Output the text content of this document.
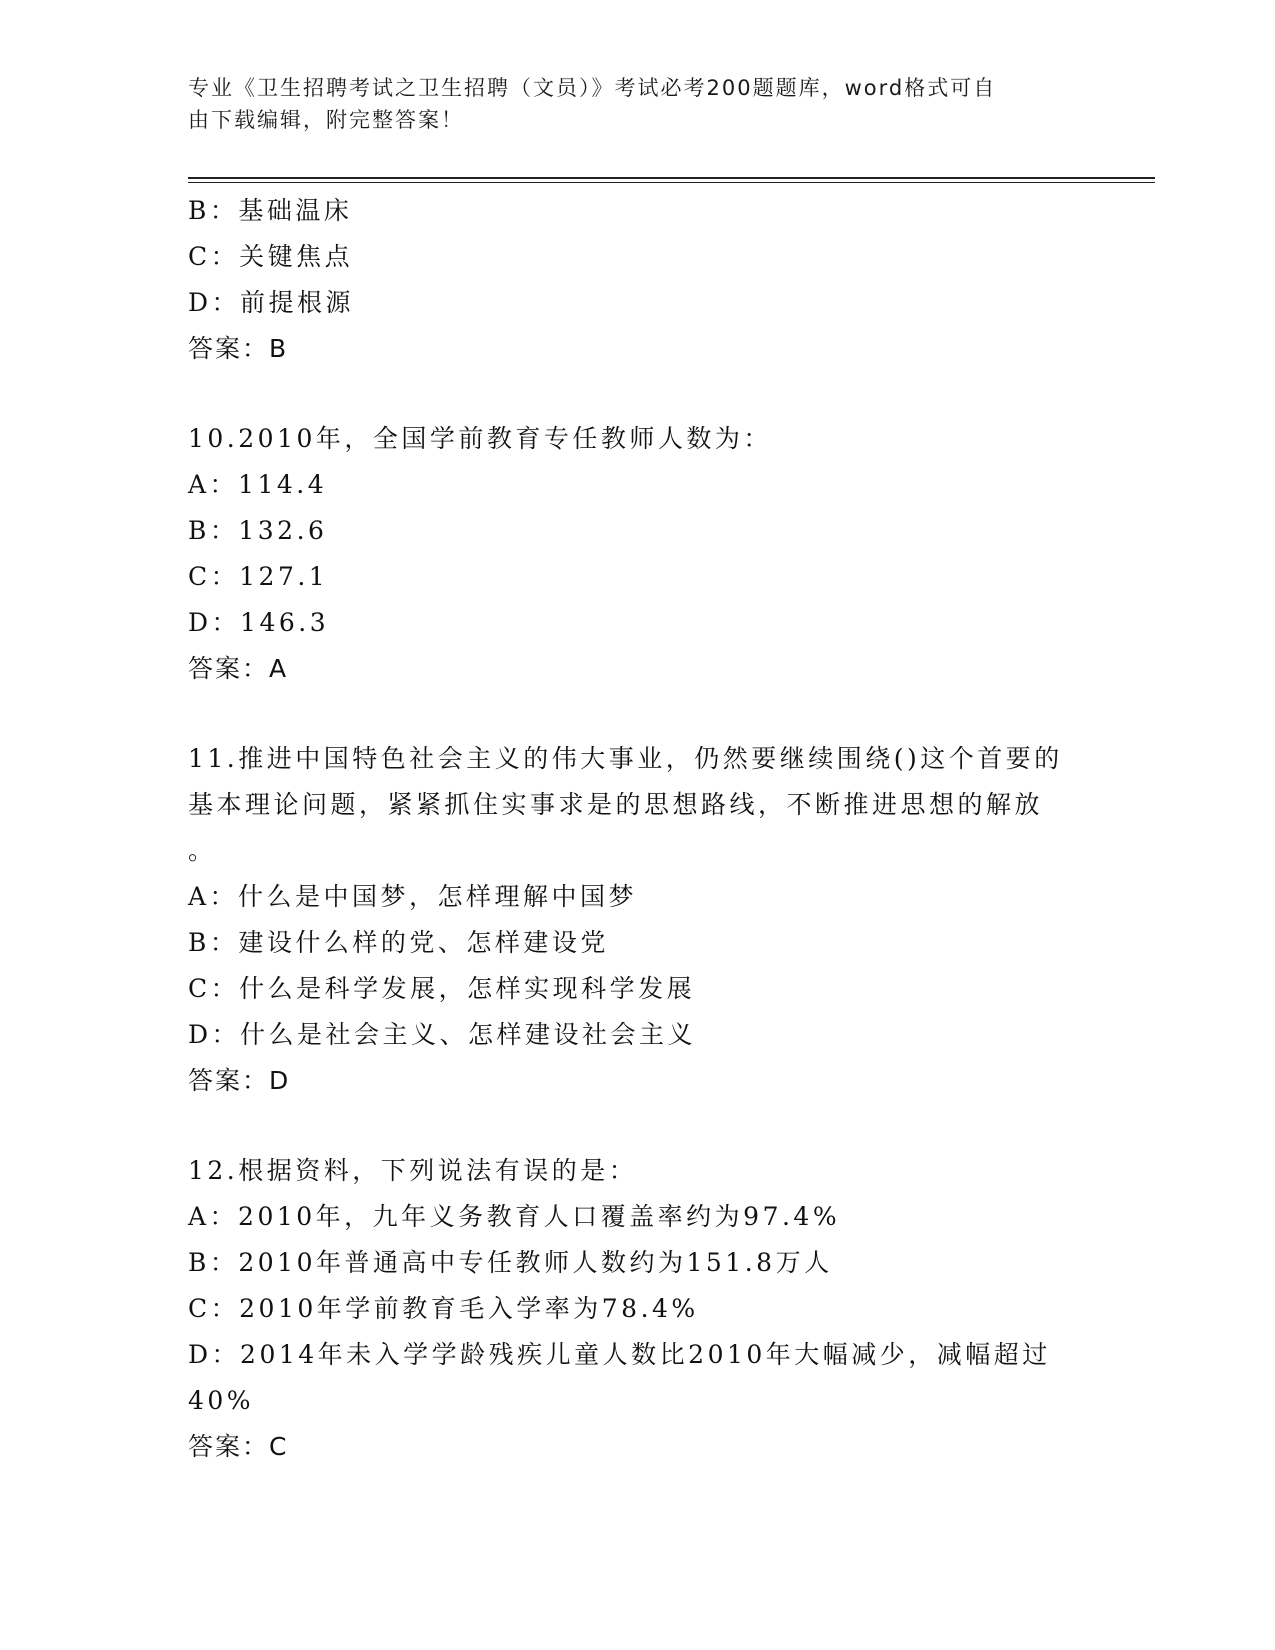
专业《卫生招聘考试之卫生招聘（文员）》考试必考200题题库，word格式可自
由下载编辑，附完整答案！
B：基础温床
C：关键焦点
D：前提根源
答案：B
10.2010年，全国学前教育专任教师人数为：
A：114.4
B：132.6
C：127.1
D：146.3
答案：A
11.推进中国特色社会主义的伟大事业，仍然要继续围绕()这个首要的
基本理论问题，紧紧抓住实事求是的思想路线，不断推进思想的解放
。
A：什么是中国梦，怎样理解中国梦
B：建设什么样的党、怎样建设党
C：什么是科学发展，怎样实现科学发展
D：什么是社会主义、怎样建设社会主义
答案：D
12.根据资料，下列说法有误的是：
A：2010年，九年义务教育人口覆盖率约为97.4%
B：2010年普通高中专任教师人数约为151.8万人
C：2010年学前教育毛入学率为78.4%
D：2014年未入学学龄残疾儿童人数比2010年大幅减少，减幅超过
40%
答案：C
